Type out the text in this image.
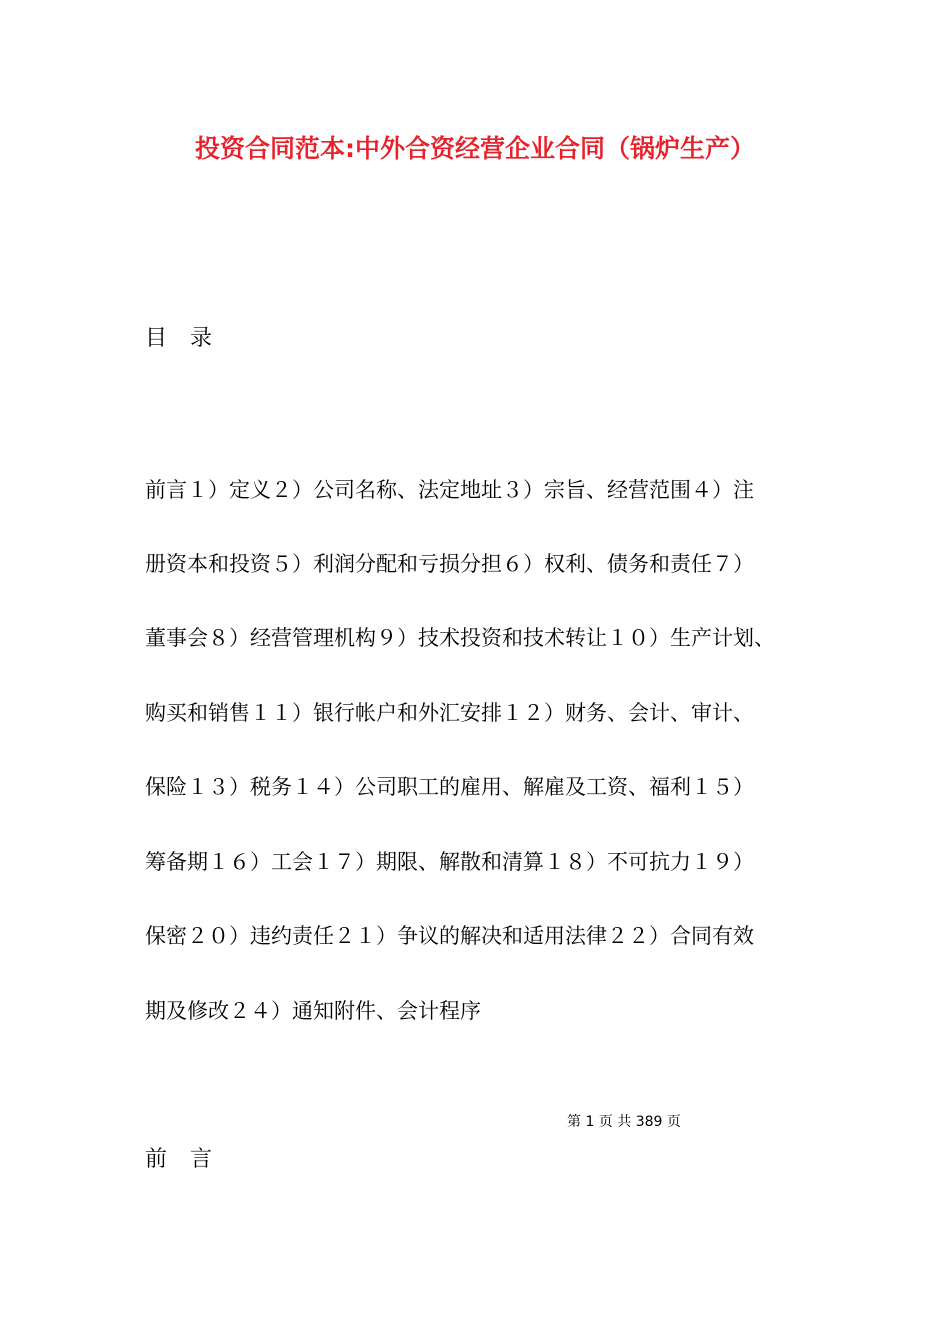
投资合同范本:中外合资经营企业合同（锅炉生产）
目 录
前言１）定义２）公司名称、法定地址３）宗旨、经营范围４）注
册资本和投资５）利润分配和亏损分担６）权利、债务和责任７）
董事会８）经营管理机构９）技术投资和技术转让１０）生产计划、
购买和销售１１）银行帐户和外汇安排１２）财务、会计、审计、
保险１３）税务１４）公司职工的雇用、解雇及工资、福利１５）
筹备期１６）工会１７）期限、解散和清算１８）不可抗力１９）
保密２０）违约责任２１）争议的解决和适用法律２２）合同有效
期及修改２４）通知附件、会计程序
第 1 页 共 389 页
前 言
